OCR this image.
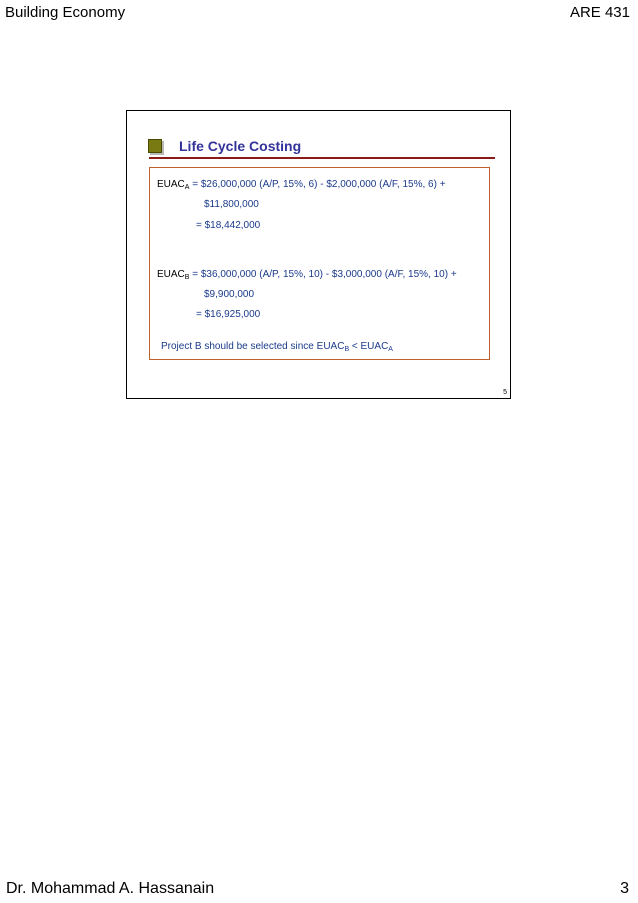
Building Economy	ARE 431
Life Cycle Costing
$EUAC_A$ = $26,000,000 (A/P, 15%, 6) - $2,000,000 (A/F, 15%, 6) +
$11,800,000
= $18,442,000
$EUAC_B$ = $36,000,000 (A/P, 15%, 10) - $3,000,000 (A/F, 15%, 10) +
$9,900,000
= $16,925,000
Project B should be selected since $EUAC_B$ < $EUAC_A$
5
Dr. Mohammad A. Hassanain	3
